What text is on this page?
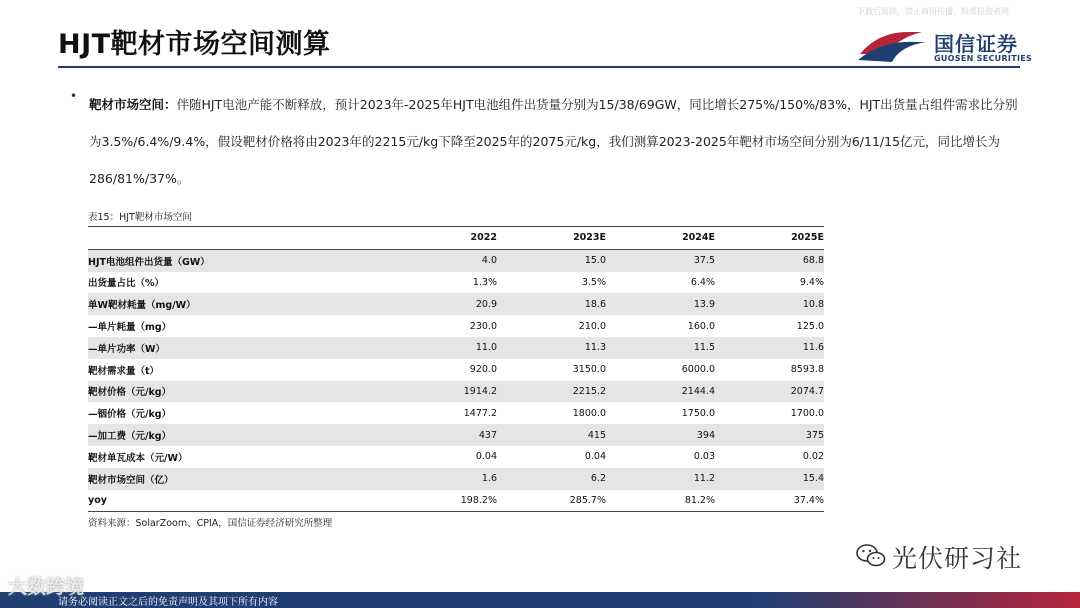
下载后阅读，禁止商用传播，股票投资者网
HJT靶材市场空间测算	国信证券
GUOSEN SECURITIES
•
靶材市场空间：伴随HJT电池产能不断释放，预计2023年-2025年HJT电池组件出货量分别为15/38/69GW，同比增长275%/150%/83%，HJT出货量占组件需求比分别为3.5%/6.4%/9.4%，假设靶材价格将由2023年的2215元/kg下降至2025年的2075元/kg，我们测算2023-2025年靶材市场空间分别为6/11/15亿元，同比增长为286/81%/37%。
表15：HJT靶材市场空间
	2022	2023E	2024E	2025E
HJT电池组件出货量（GW）	4.0	15.0	37.5	68.8
出货量占比（%）	1.3%	3.5%	6.4%	9.4%
单W靶材耗量（mg/W）	20.9	18.6	13.9	10.8
—单片耗量（mg）	230.0	210.0	160.0	125.0
—单片功率（W）	11.0	11.3	11.5	11.6
靶材需求量（t）	920.0	3150.0	6000.0	8593.8
靶材价格（元/kg）	1914.2	2215.2	2144.4	2074.7
—铟价格（元/kg）	1477.2	1800.0	1750.0	1700.0
—加工费（元/kg）	437	415	394	375
靶材单瓦成本（元/W）	0.04	0.04	0.03	0.02
靶材市场空间（亿）	1.6	6.2	11.2	15.4
yoy	198.2%	285.7%	81.2%	37.4%
资料来源：SolarZoom、CPIA，国信证券经济研究所整理
光伏研习社
请务必阅读正文之后的免责声明及其项下所有内容
大数跨境
